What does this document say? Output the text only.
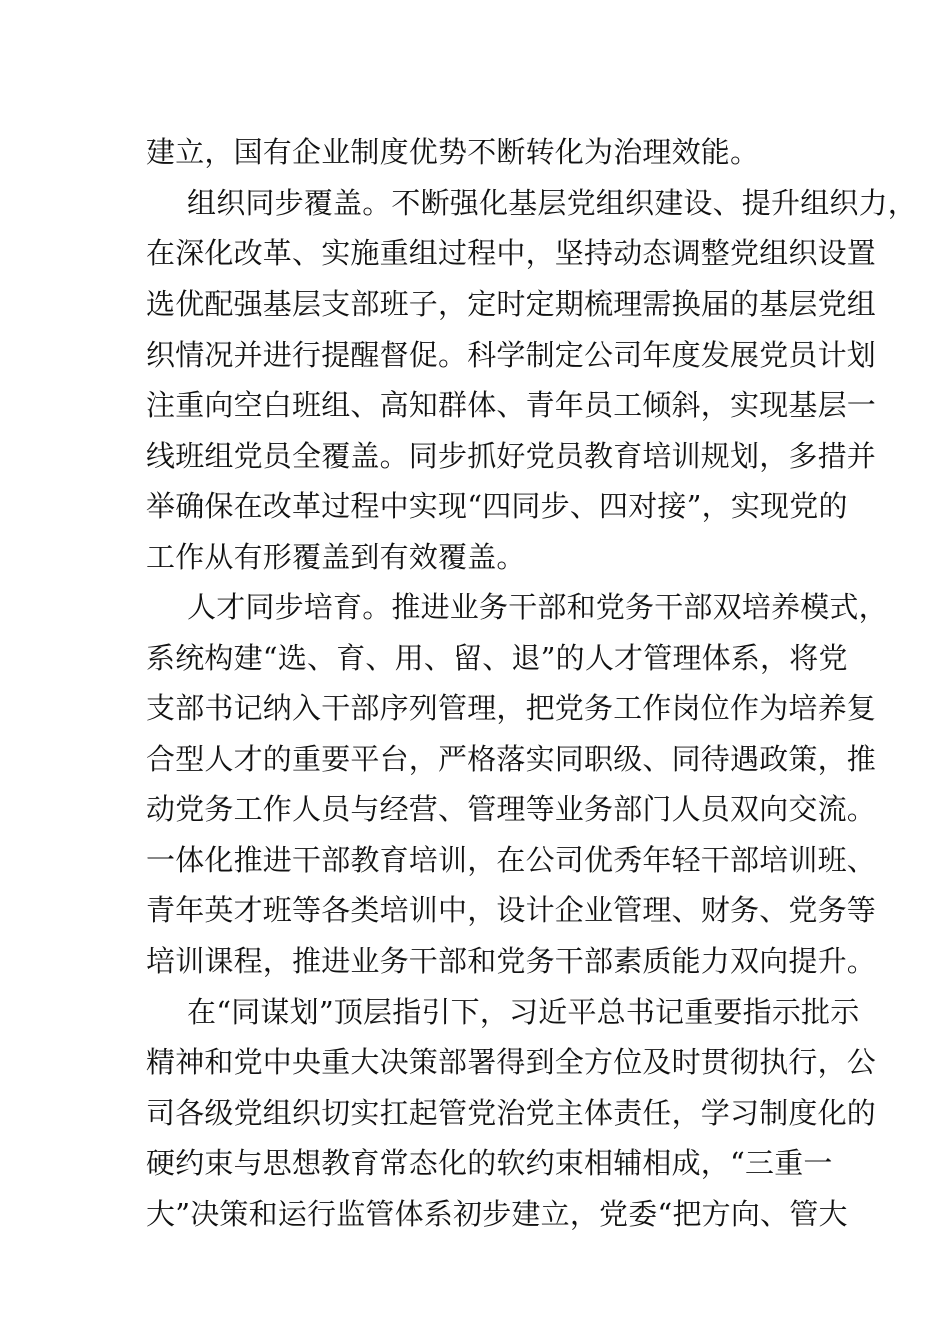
建立，国有企业制度优势不断转化为治理效能。
组织同步覆盖。不断强化基层党组织建设、提升组织力，
在深化改革、实施重组过程中，坚持动态调整党组织设置
选优配强基层支部班子，定时定期梳理需换届的基层党组
织情况并进行提醒督促。科学制定公司年度发展党员计划
注重向空白班组、高知群体、青年员工倾斜，实现基层一
线班组党员全覆盖。同步抓好党员教育培训规划，多措并
举确保在改革过程中实现“四同步、四对接”，实现党的
工作从有形覆盖到有效覆盖。
人才同步培育。推进业务干部和党务干部双培养模式，
系统构建“选、育、用、留、退”的人才管理体系，将党
支部书记纳入干部序列管理，把党务工作岗位作为培养复
合型人才的重要平台，严格落实同职级、同待遇政策，推
动党务工作人员与经营、管理等业务部门人员双向交流。
一体化推进干部教育培训，在公司优秀年轻干部培训班、
青年英才班等各类培训中，设计企业管理、财务、党务等
培训课程，推进业务干部和党务干部素质能力双向提升。
在“同谋划”顶层指引下，习近平总书记重要指示批示
精神和党中央重大决策部署得到全方位及时贯彻执行，公
司各级党组织切实扛起管党治党主体责任，学习制度化的
硬约束与思想教育常态化的软约束相辅相成，“三重一
大”决策和运行监管体系初步建立，党委“把方向、管大
